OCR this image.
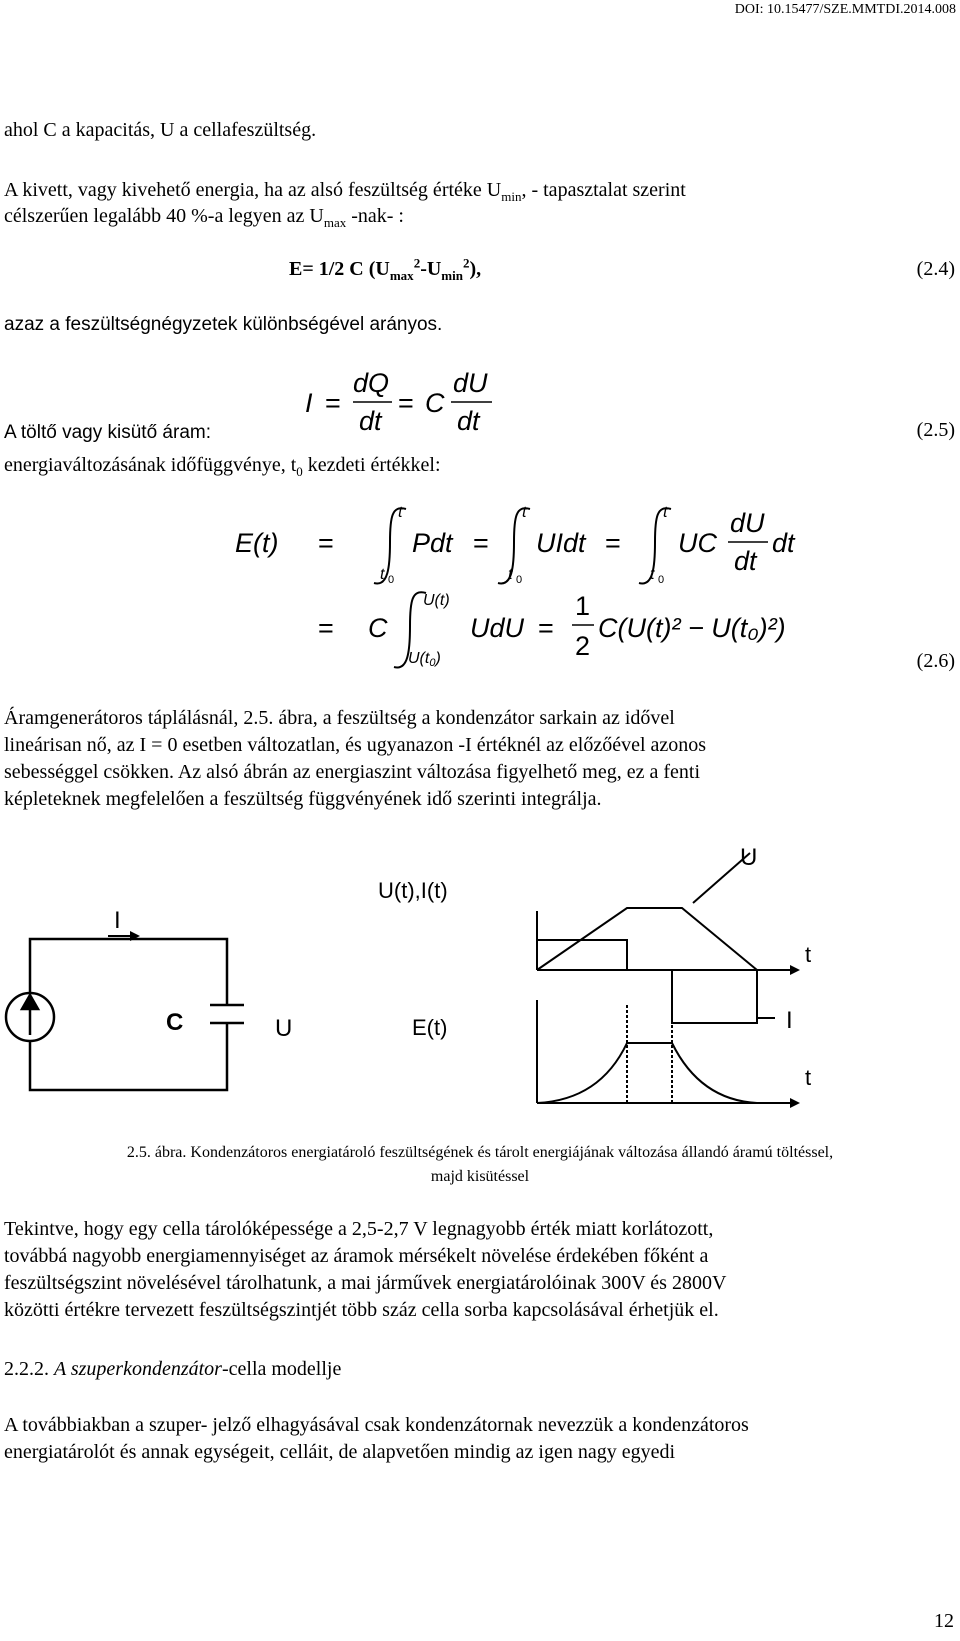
DOI: 10.15477/SZE.MMTDI.2014.008
ahol C a kapacitás, U a cellafeszültség.
A kivett, vagy kivehető energia, ha az alsó feszültség értéke $U_{min}$, - tapasztalat szerint
célszerűen legalább 40 %-a legyen az $U_{max}$ -nak- :
E= 1/2 C $(U_{max}^2-U_{min}^2)$,	(2.4)
azaz a feszültségnégyzetek különbségével arányos.
A töltő vagy kisütő áram:
I =
dQ
dt
= C
dU
dt	(2.5)
energiaváltozásának időfüggvénye, $t_0$ kezdeti értékkel:
E(t) =
t
t 0
Pdt =
t
t 0
UIdt =
t
t 0
UC
dU
dt
dt
= C
U(t)
U(t0)
UdU =
1
2
C(U(t)² − U(t₀)²)
(2.6)
Áramgenerátoros táplálásnál, 2.5. ábra, a feszültség a kondenzátor sarkain az idővel
lineárisan nő, az I = 0 esetben változatlan, és ugyanazon -I értéknél az előzőével azonos
sebességgel csökken. Az alsó ábrán az energiaszint változása figyelhető meg, ez a fenti
képleteknek megfelelően a feszültség függvényének idő szerinti integrálja.
I
C	U
U(t),I(t)
U
t
I
E(t)
t
2.5. ábra. Kondenzátoros energiatároló feszültségének és tárolt energiájának változása állandó áramú töltéssel,
majd kisütéssel
Tekintve, hogy egy cella tárolóképessége a 2,5-2,7 V legnagyobb érték miatt korlátozott,
továbbá nagyobb energiamennyiséget az áramok mérsékelt növelése érdekében főként a
feszültségszint növelésével tárolhatunk, a mai járművek energiatárolóinak 300V és 2800V
közötti értékre tervezett feszültségszintjét több száz cella sorba kapcsolásával érhetjük el.
2.2.2. A szuperkondenzátor-cella modellje
A továbbiakban a szuper- jelző elhagyásával csak kondenzátornak nevezzük a kondenzátoros
energiatárolót és annak egységeit, celláit, de alapvetően mindig az igen nagy egyedi
12
